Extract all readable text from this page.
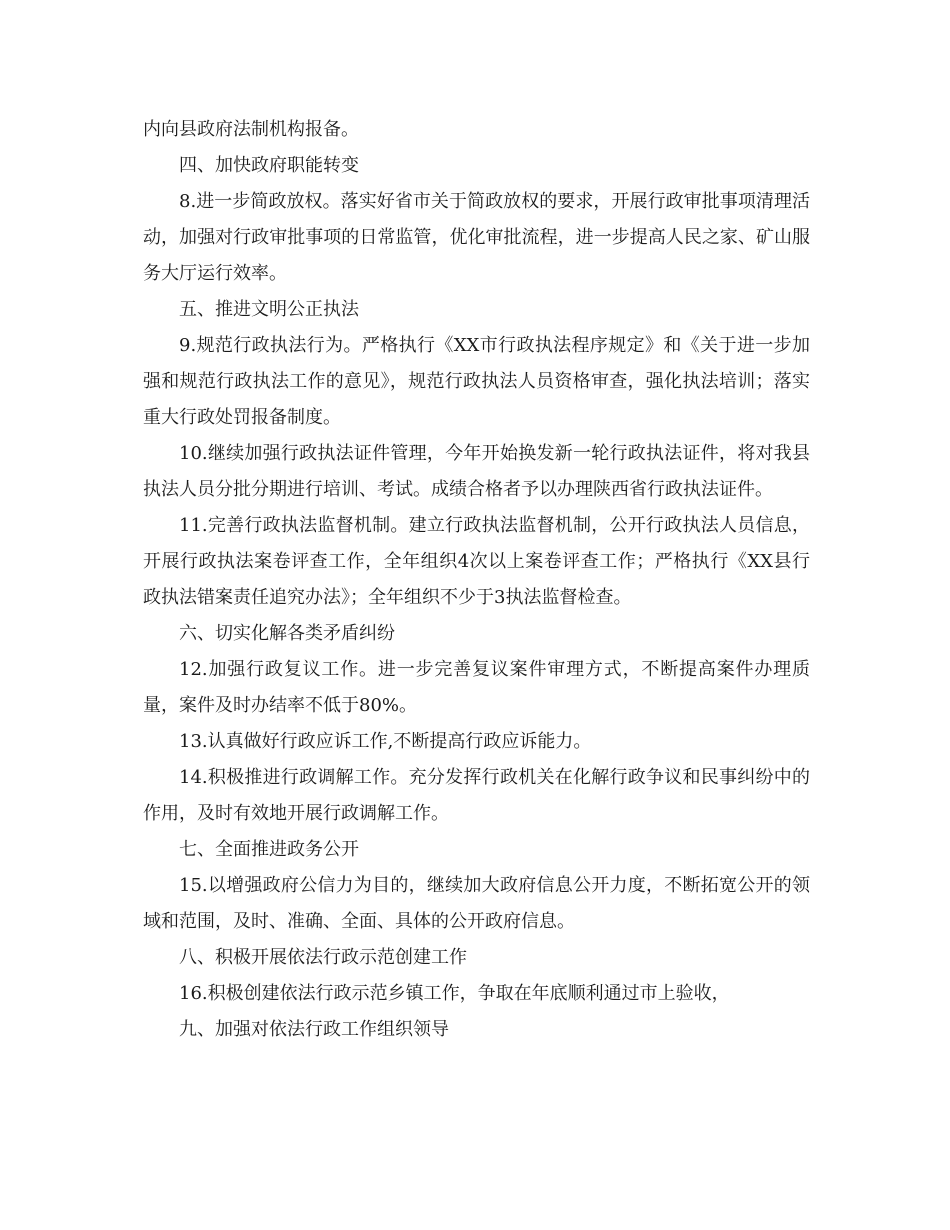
内向县政府法制机构报备。

四、加快政府职能转变

8.进一步简政放权。落实好省市关于简政放权的要求，开展行政审批事项清理活动，加强对行政审批事项的日常监管，优化审批流程，进一步提高人民之家、矿山服务大厅运行效率。

五、推进文明公正执法

9.规范行政执法行为。严格执行《XX市行政执法程序规定》和《关于进一步加强和规范行政执法工作的意见》，规范行政执法人员资格审查，强化执法培训；落实重大行政处罚报备制度。

10.继续加强行政执法证件管理，今年开始换发新一轮行政执法证件，将对我县执法人员分批分期进行培训、考试。成绩合格者予以办理陕西省行政执法证件。

11.完善行政执法监督机制。建立行政执法监督机制，公开行政执法人员信息，开展行政执法案卷评查工作，全年组织4次以上案卷评查工作；严格执行《XX县行政执法错案责任追究办法》；全年组织不少于3执法监督检查。

六、切实化解各类矛盾纠纷

12.加强行政复议工作。进一步完善复议案件审理方式，不断提高案件办理质量，案件及时办结率不低于80%。

13.认真做好行政应诉工作,不断提高行政应诉能力。

14.积极推进行政调解工作。充分发挥行政机关在化解行政争议和民事纠纷中的作用，及时有效地开展行政调解工作。

七、全面推进政务公开

15.以增强政府公信力为目的，继续加大政府信息公开力度，不断拓宽公开的领域和范围，及时、准确、全面、具体的公开政府信息。

八、积极开展依法行政示范创建工作

16.积极创建依法行政示范乡镇工作，争取在年底顺利通过市上验收，

九、加强对依法行政工作组织领导
